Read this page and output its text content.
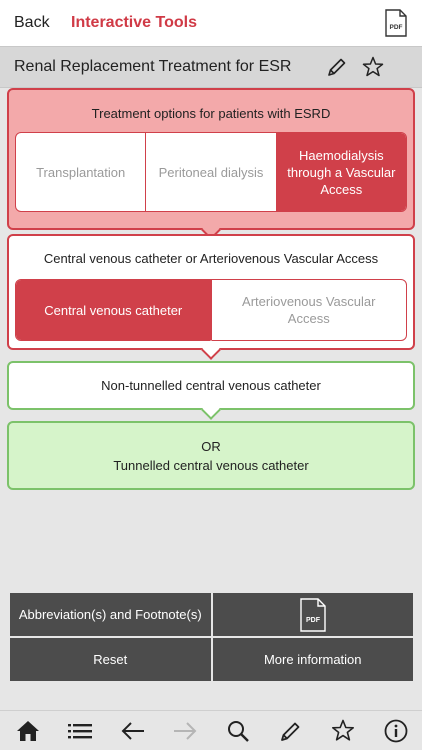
Back Interactive Tools	PDF
Renal Replacement Treatment for ESR
Treatment options for patients with ESRD
Transplantation	Peritoneal dialysis
Haemodialysis through a Vascular Access
Central venous catheter or Arteriovenous Vascular Access
Central venous catheter
Arteriovenous Vascular Access
Non-tunnelled central venous catheter
OR
Tunnelled central venous catheter
Abbreviation(s) and Footnote(s)	PDF
Reset	More information
